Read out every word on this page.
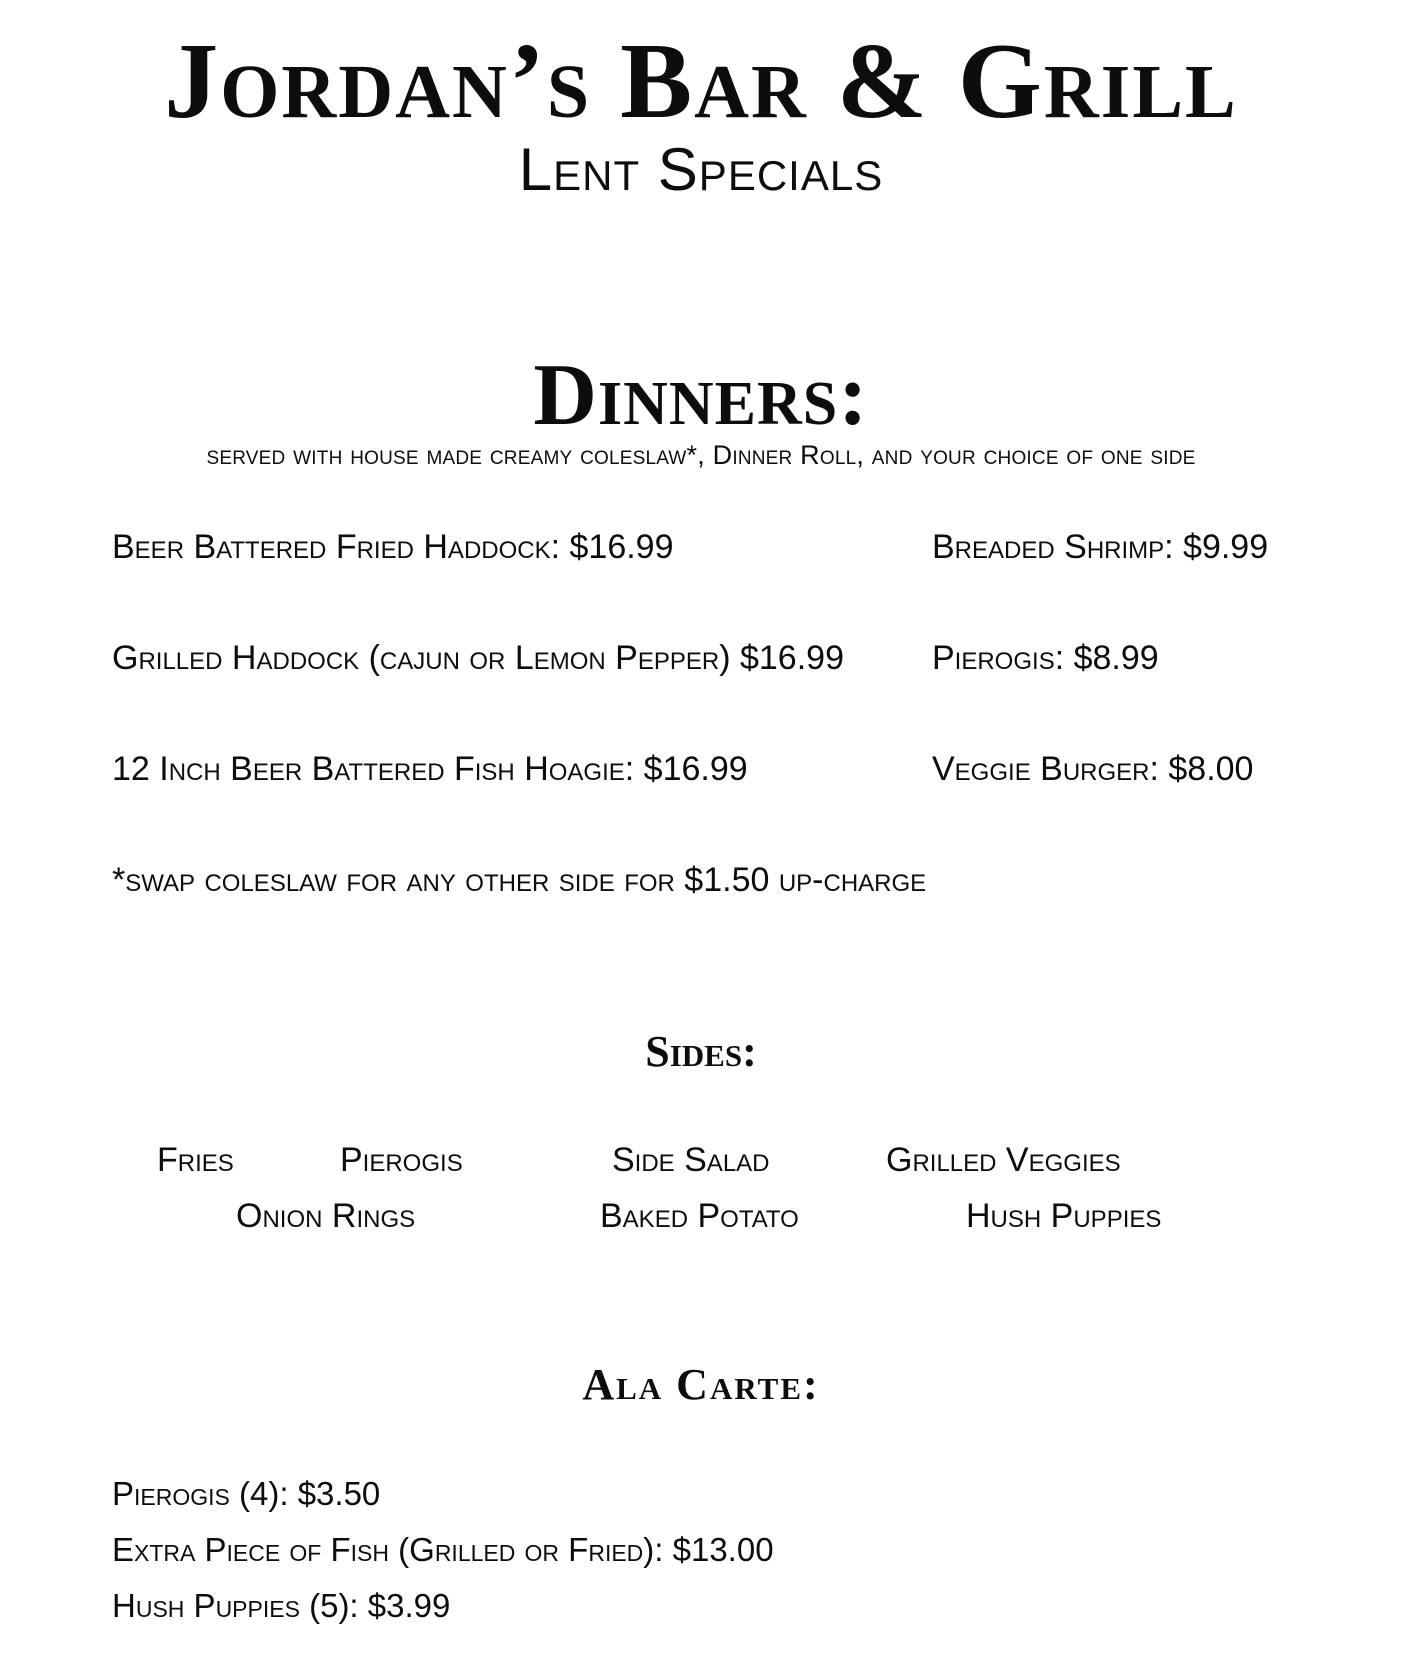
Jordan’s Bar & Grill
Lent Specials
Dinners:
served with house made creamy coleslaw*, Dinner Roll, and your choice of one side
Beer Battered Fried Haddock: $16.99
Grilled Haddock (cajun or Lemon Pepper) $16.99
12 Inch Beer Battered Fish Hoagie: $16.99
Breaded Shrimp: $9.99
Pierogis: $8.99
Veggie Burger: $8.00
*swap coleslaw for any other side for $1.50 up-charge
Sides:
Fries	Pierogis	Side Salad	Grilled Veggies
Onion Rings	Baked Potato	Hush Puppies
Ala Carte:
Pierogis (4): $3.50
Extra Piece of Fish (Grilled or Fried): $13.00
Hush Puppies (5): $3.99
